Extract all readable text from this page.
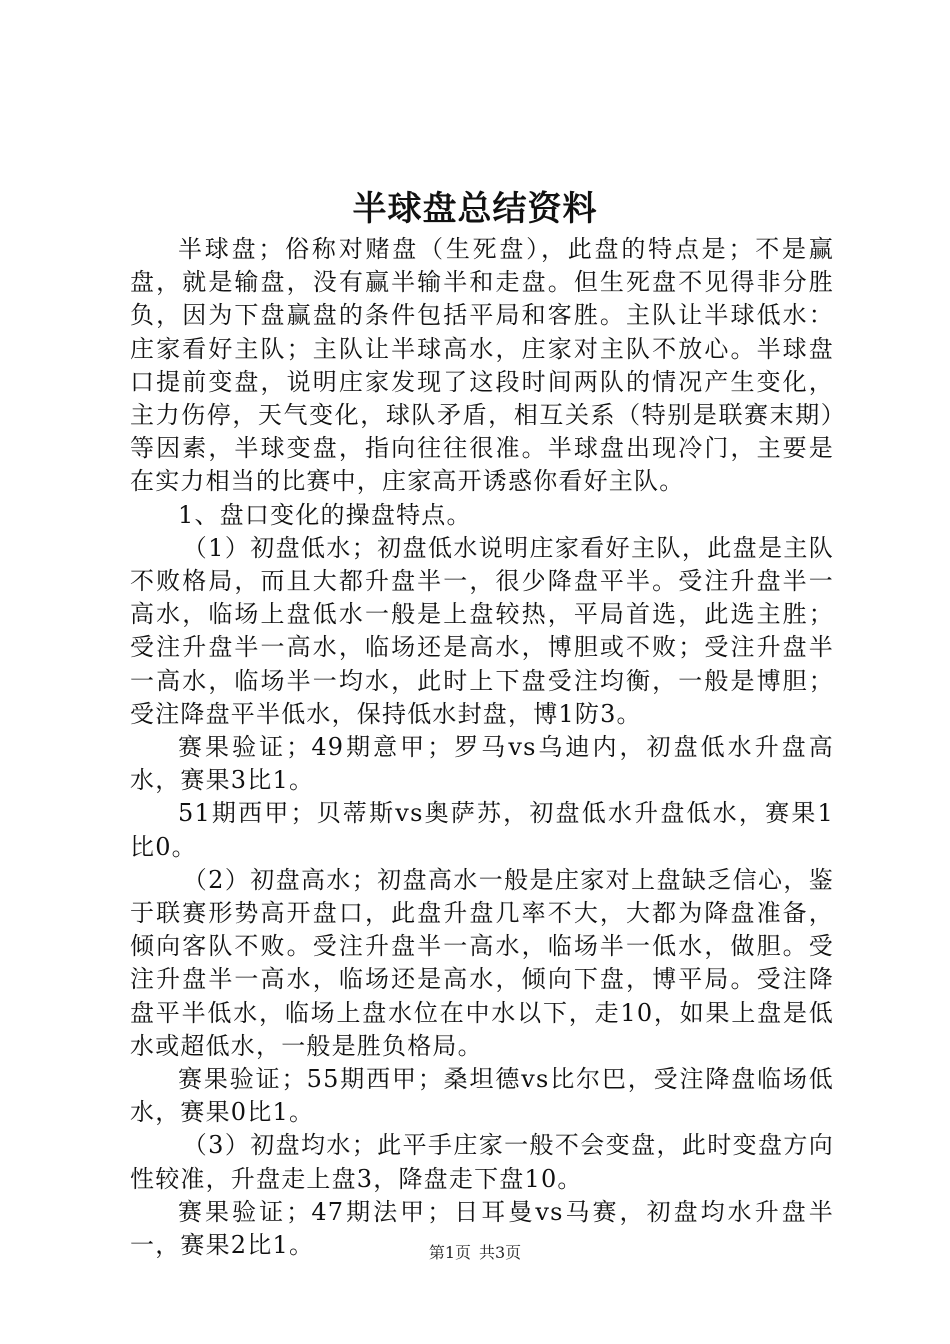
半球盘总结资料

半球盘；俗称对赌盘（生死盘），此盘的特点是；不是赢盘，就是输盘，没有赢半输半和走盘。但生死盘不见得非分胜负，因为下盘赢盘的条件包括平局和客胜。主队让半球低水：庄家看好主队；主队让半球高水，庄家对主队不放心。半球盘口提前变盘，说明庄家发现了这段时间两队的情况产生变化，主力伤停，天气变化，球队矛盾，相互关系（特别是联赛末期）等因素，半球变盘，指向往往很准。半球盘出现冷门，主要是在实力相当的比赛中，庄家高开诱惑你看好主队。

1、盘口变化的操盘特点。

（1）初盘低水；初盘低水说明庄家看好主队，此盘是主队不败格局，而且大都升盘半一，很少降盘平半。受注升盘半一高水，临场上盘低水一般是上盘较热，平局首选，此选主胜；受注升盘半一高水，临场还是高水，博胆或不败；受注升盘半一高水，临场半一均水，此时上下盘受注均衡，一般是博胆；受注降盘平半低水，保持低水封盘，博1防3。

赛果验证；49期意甲；罗马vs乌迪内，初盘低水升盘高水，赛果3比1。

51期西甲；贝蒂斯vs奥萨苏，初盘低水升盘低水，赛果1比0。

（2）初盘高水；初盘高水一般是庄家对上盘缺乏信心，鉴于联赛形势高开盘口，此盘升盘几率不大，大都为降盘准备，倾向客队不败。受注升盘半一高水，临场半一低水，做胆。受注升盘半一高水，临场还是高水，倾向下盘，博平局。受注降盘平半低水，临场上盘水位在中水以下，走10，如果上盘是低水或超低水，一般是胜负格局。

赛果验证；55期西甲；桑坦德vs比尔巴，受注降盘临场低水，赛果0比1。

（3）初盘均水；此平手庄家一般不会变盘，此时变盘方向性较准，升盘走上盘3，降盘走下盘10。

赛果验证；47期法甲；日耳曼vs马赛，初盘均水升盘半一，赛果2比1。	第1页 共3页
